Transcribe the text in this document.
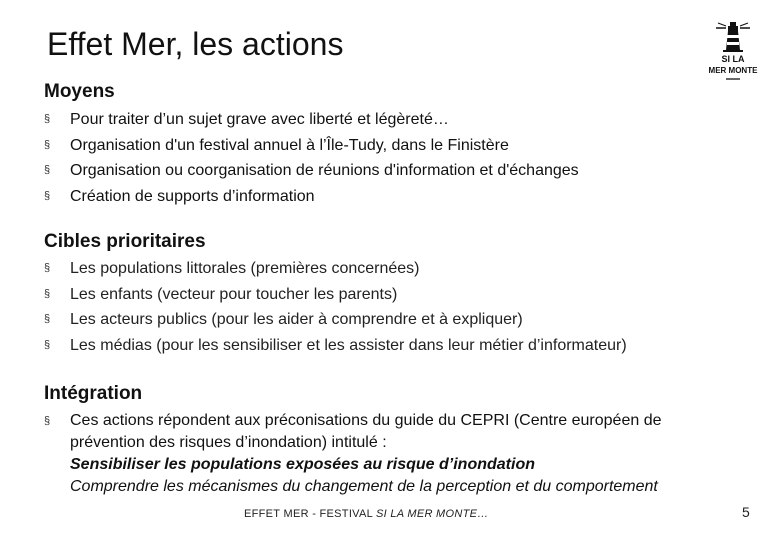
Effet Mer, les actions	SI LA
MER MONTE
Moyens
§ Pour traiter d’un sujet grave avec liberté et légèreté…
§ Organisation d'un festival annuel à l’Île-Tudy, dans le Finistère
§ Organisation ou coorganisation de réunions d'information et d'échanges
§ Création de supports d’information
Cibles prioritaires
§ Les populations littorales (premières concernées)
§ Les enfants (vecteur pour toucher les parents)
§ Les acteurs publics (pour les aider à comprendre et à expliquer)
§ Les médias (pour les sensibiliser et les assister dans leur métier d’informateur)
Intégration
§ Ces actions répondent aux préconisations du guide du CEPRI (Centre européen de
prévention des risques d’inondation) intitulé :
Sensibiliser les populations exposées au risque d’inondation
Comprendre les mécanismes du changement de la perception et du comportement
EFFET MER - FESTIVAL SI LA MER MONTE…	5
